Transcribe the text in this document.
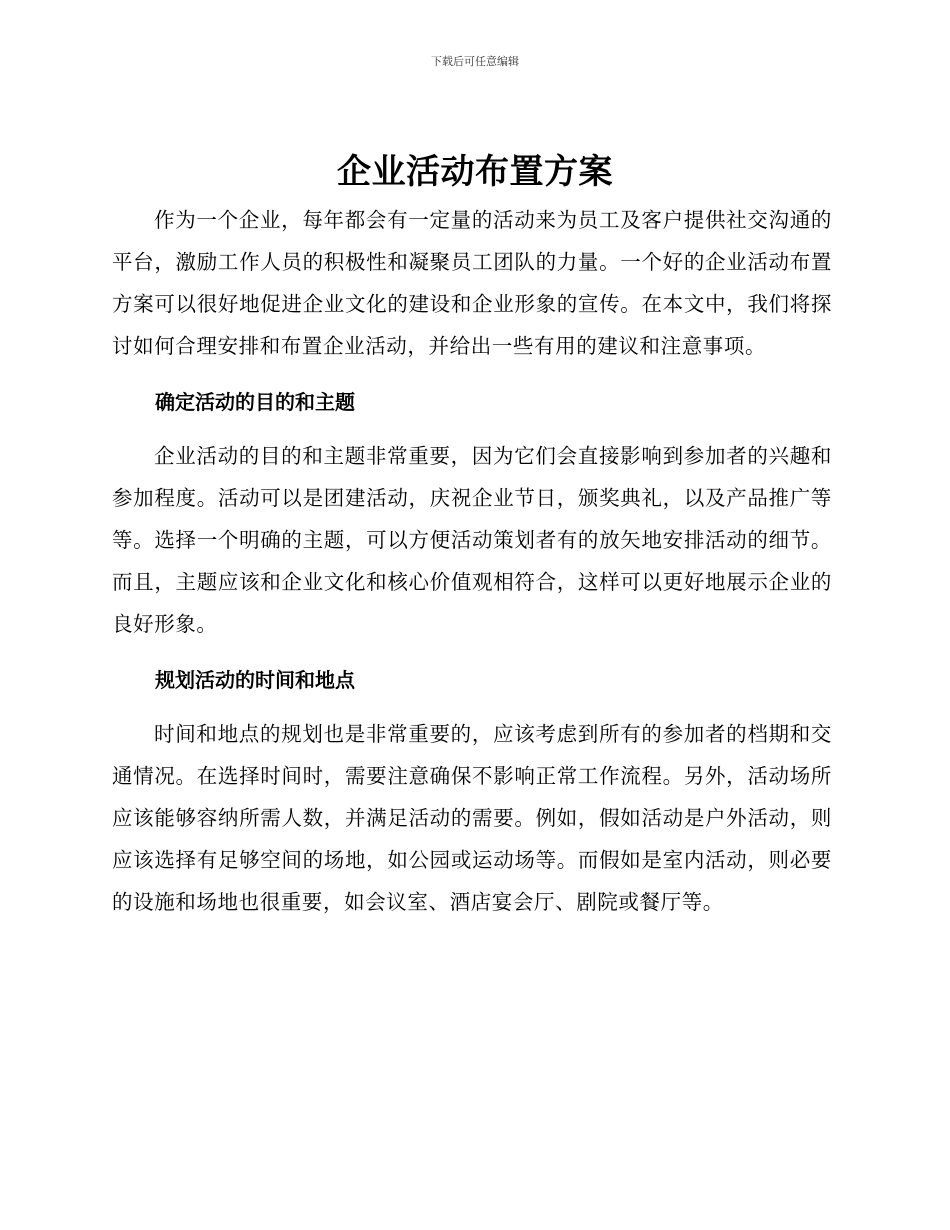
下载后可任意编辑
企业活动布置方案

作为一个企业，每年都会有一定量的活动来为员工及客户提供社交沟通的平台，激励工作人员的积极性和凝聚员工团队的力量。一个好的企业活动布置方案可以很好地促进企业文化的建设和企业形象的宣传。在本文中，我们将探讨如何合理安排和布置企业活动，并给出一些有用的建议和注意事项。

确定活动的目的和主题

企业活动的目的和主题非常重要，因为它们会直接影响到参加者的兴趣和参加程度。活动可以是团建活动，庆祝企业节日，颁奖典礼，以及产品推广等等。选择一个明确的主题，可以方便活动策划者有的放矢地安排活动的细节。而且，主题应该和企业文化和核心价值观相符合，这样可以更好地展示企业的良好形象。

规划活动的时间和地点

时间和地点的规划也是非常重要的，应该考虑到所有的参加者的档期和交通情况。在选择时间时，需要注意确保不影响正常工作流程。另外，活动场所应该能够容纳所需人数，并满足活动的需要。例如，假如活动是户外活动，则应该选择有足够空间的场地，如公园或运动场等。而假如是室内活动，则必要的设施和场地也很重要，如会议室、酒店宴会厅、剧院或餐厅等。
